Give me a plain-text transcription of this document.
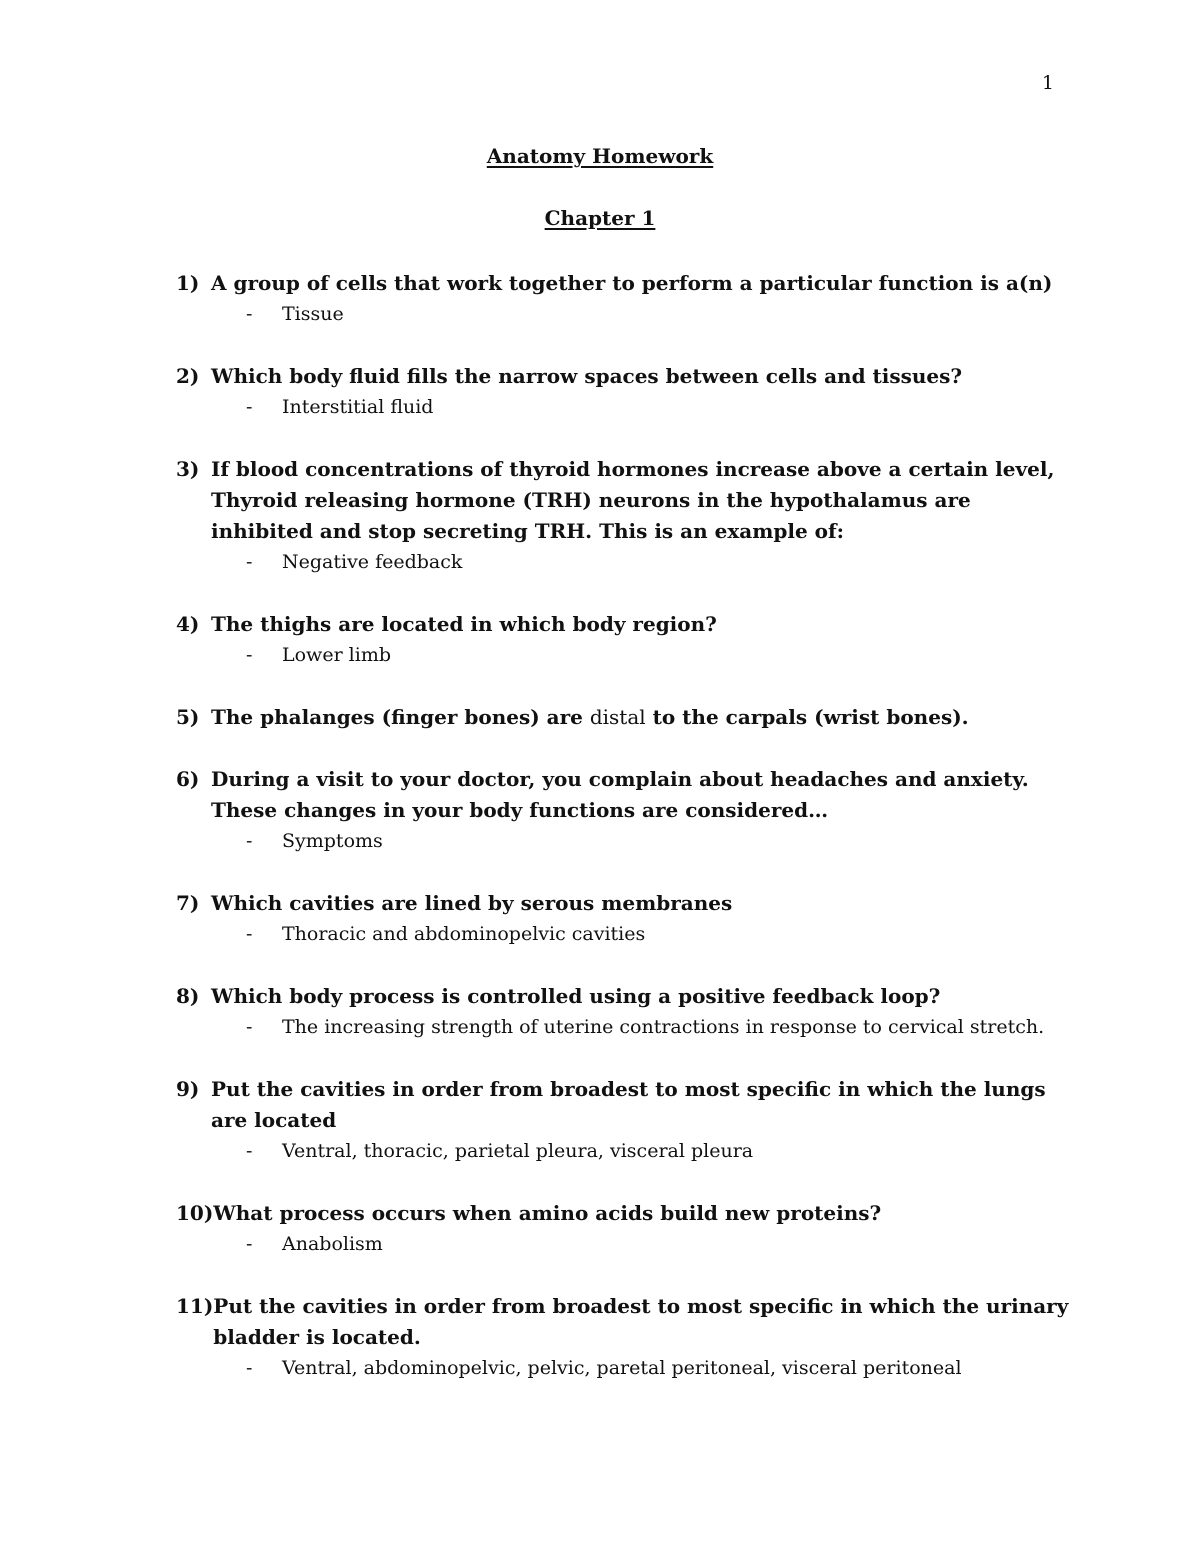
1
Anatomy Homework
Chapter 1
1) A group of cells that work together to perform a particular function is a(n)
-	Tissue
2) Which body fluid fills the narrow spaces between cells and tissues?
-	Interstitial fluid
3) If blood concentrations of thyroid hormones increase above a certain level, Thyroid releasing hormone (TRH) neurons in the hypothalamus are inhibited and stop secreting TRH. This is an example of:
-	Negative feedback
4) The thighs are located in which body region?
-	Lower limb
5) The phalanges (finger bones) are distal to the carpals (wrist bones).
6) During a visit to your doctor, you complain about headaches and anxiety. These changes in your body functions are considered…
-	Symptoms
7) Which cavities are lined by serous membranes
-	Thoracic and abdominopelvic cavities
8) Which body process is controlled using a positive feedback loop?
-	The increasing strength of uterine contractions in response to cervical stretch.
9) Put the cavities in order from broadest to most specific in which the lungs are located
-	Ventral, thoracic, parietal pleura, visceral pleura
10) What process occurs when amino acids build new proteins?
-	Anabolism
11) Put the cavities in order from broadest to most specific in which the urinary bladder is located.
-	Ventral, abdominopelvic, pelvic, paretal peritoneal, visceral peritoneal
